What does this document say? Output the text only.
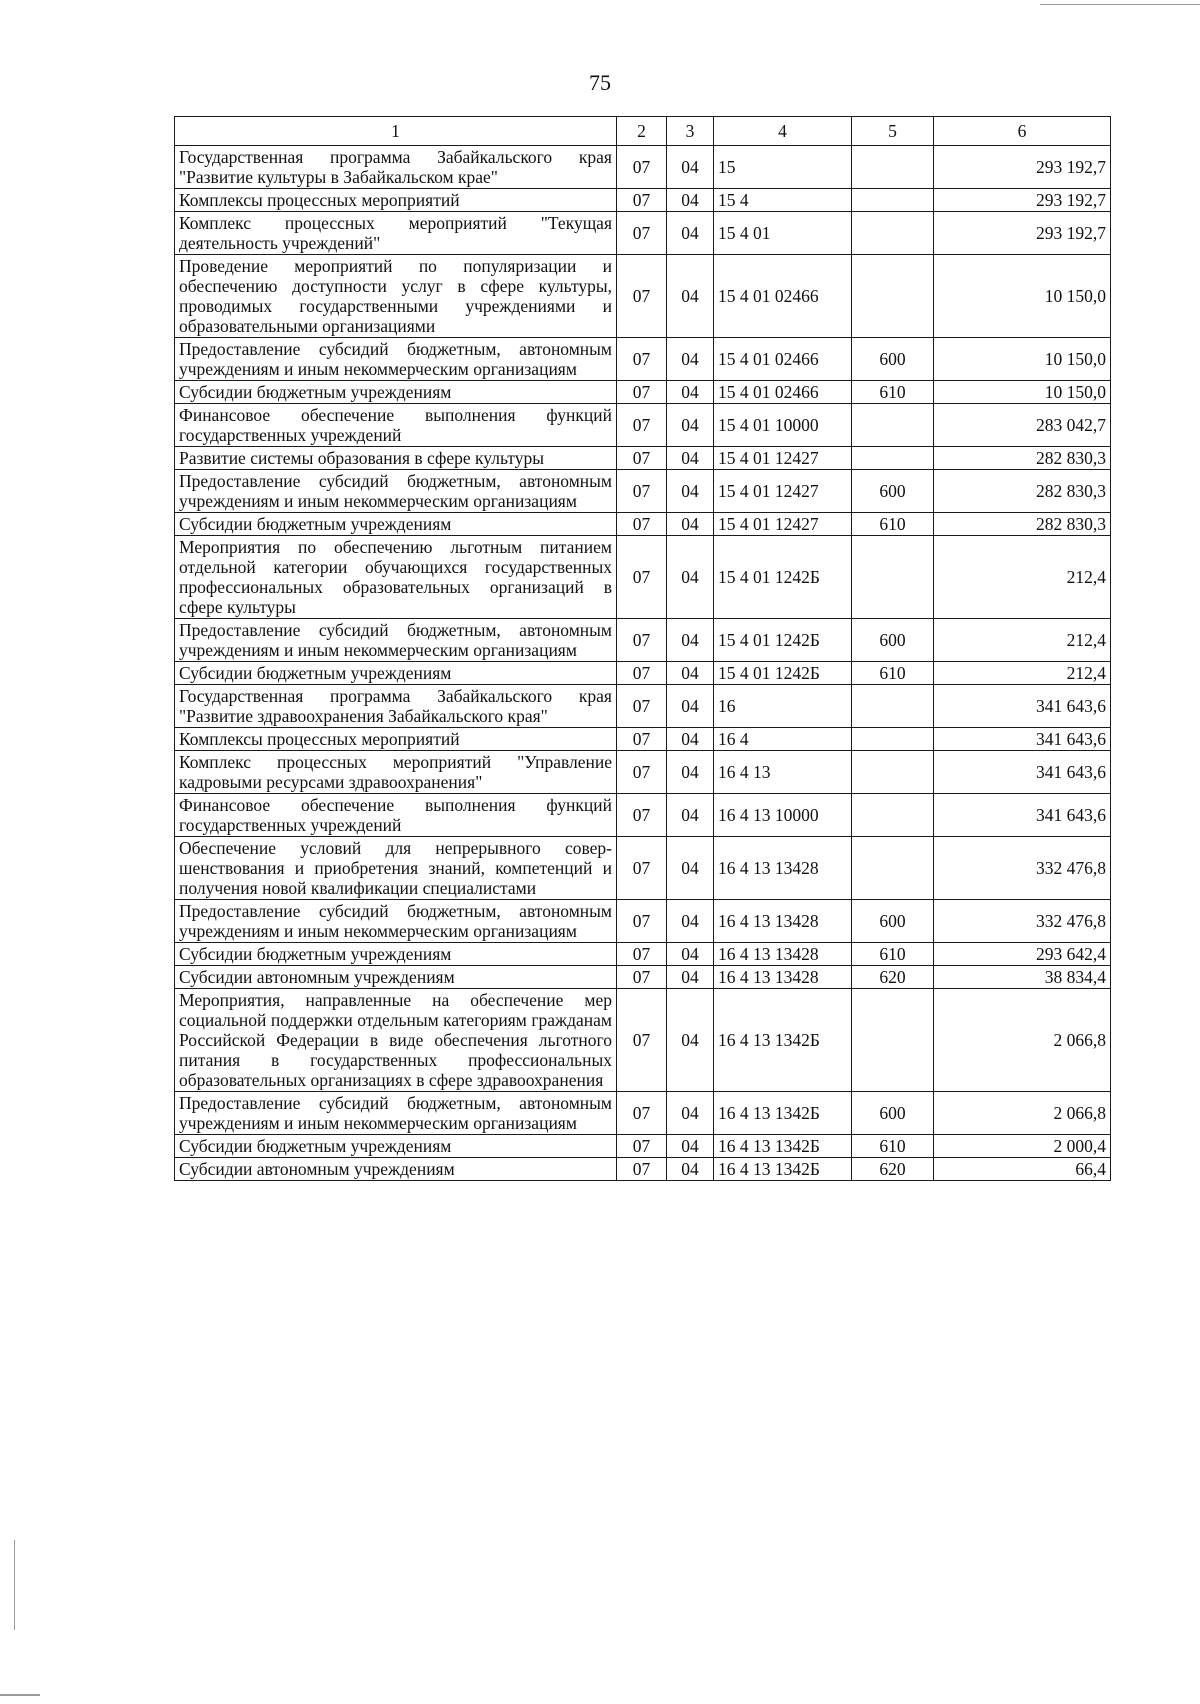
75
1	2	3	4	5	6
Государственная программа Забайкальского края "Развитие культуры в Забайкальском крае"	07	04	15		293 192,7
Комплексы процессных мероприятий	07	04	15 4		293 192,7
Комплекс процессных мероприятий "Текущая деятельность учреждений"	07	04	15 4 01		293 192,7
Проведение мероприятий по популяризации и обеспечению доступности услуг в сфере культуры, проводимых государственными учреждениями и образовательными организациями	07	04	15 4 01 02466		10 150,0
Предоставление субсидий бюджетным, автономным учреждениям и иным некоммерческим организациям	07	04	15 4 01 02466	600	10 150,0
Субсидии бюджетным учреждениям	07	04	15 4 01 02466	610	10 150,0
Финансовое обеспечение выполнения функций государственных учреждений	07	04	15 4 01 10000		283 042,7
Развитие системы образования в сфере культуры	07	04	15 4 01 12427		282 830,3
Предоставление субсидий бюджетным, автономным учреждениям и иным некоммерческим организациям	07	04	15 4 01 12427	600	282 830,3
Субсидии бюджетным учреждениям	07	04	15 4 01 12427	610	282 830,3
Мероприятия по обеспечению льготным питанием отдельной категории обучающихся государственных профессиональных образовательных организаций в сфере культуры	07	04	15 4 01 1242Б		212,4
Предоставление субсидий бюджетным, автономным учреждениям и иным некоммерческим организациям	07	04	15 4 01 1242Б	600	212,4
Субсидии бюджетным учреждениям	07	04	15 4 01 1242Б	610	212,4
Государственная программа Забайкальского края "Развитие здравоохранения Забайкальского края"	07	04	16		341 643,6
Комплексы процессных мероприятий	07	04	16 4		341 643,6
Комплекс процессных мероприятий "Управление кадровыми ресурсами здравоохранения"	07	04	16 4 13		341 643,6
Финансовое обеспечение выполнения функций государственных учреждений	07	04	16 4 13 10000		341 643,6
Обеспечение условий для непрерывного совершенствования и приобретения знаний, компетенций и получения новой квалификации специалистами	07	04	16 4 13 13428		332 476,8
Предоставление субсидий бюджетным, автономным учреждениям и иным некоммерческим организациям	07	04	16 4 13 13428	600	332 476,8
Субсидии бюджетным учреждениям	07	04	16 4 13 13428	610	293 642,4
Субсидии автономным учреждениям	07	04	16 4 13 13428	620	38 834,4
Мероприятия, направленные на обеспечение мер социальной поддержки отдельным категориям гражданам Российской Федерации в виде обеспечения льготного питания в государственных профессиональных образовательных организациях в сфере здравоохранения	07	04	16 4 13 1342Б		2 066,8
Предоставление субсидий бюджетным, автономным учреждениям и иным некоммерческим организациям	07	04	16 4 13 1342Б	600	2 066,8
Субсидии бюджетным учреждениям	07	04	16 4 13 1342Б	610	2 000,4
Субсидии автономным учреждениям	07	04	16 4 13 1342Б	620	66,4
